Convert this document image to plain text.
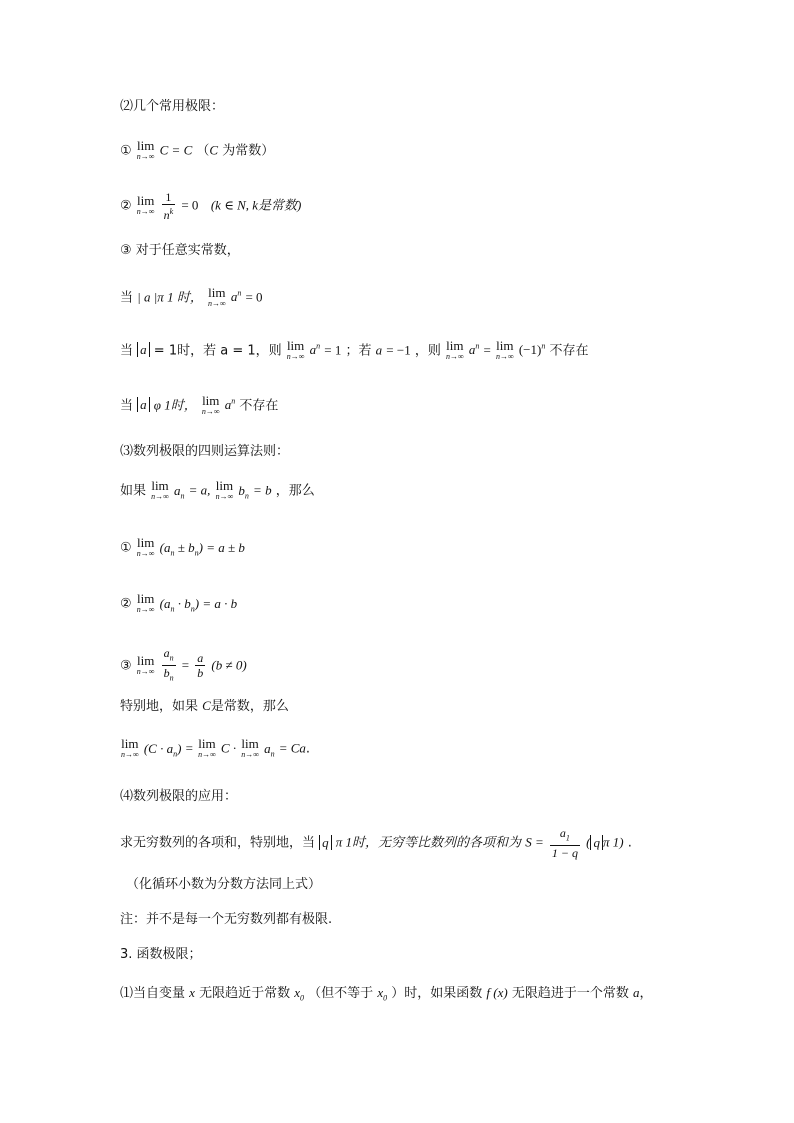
⑵几个常用极限：
① lim
n→∞ C = C （C 为常数）
② lim
n→∞
$\frac{1}{n^k} = 0$ (k ∈ N, k是常数)
③ 对于任意实常数，
当 | a |π 1 时， lim
n→∞ $a^n = 0$
当 a = 1时，若 a = 1，则 lim
n→∞ $a^n = 1$ ；若 a = −1 ，则 lim
n→∞ $a^n = \lim$
n→∞ $(-1)^n$ 不存在
当 a φ 1时， lim
n→∞ $a^n$ 不存在
⑶数列极限的四则运算法则：
如果 lim
n→∞ $a_n = a$, lim
n→∞ $b_n = b$ ，那么
① lim
n→∞ $(a_n \pm b_n) = a \pm b$
② lim
n→∞ $(a_n \cdot b_n) = a \cdot b$
③ lim
n→∞
$\frac{a_n}{b_n} = \frac{a}{b} (b \ne 0)$
特别地，如果 C是常数，那么
lim
n→∞ $(C \cdot a_n) = \lim$
n→∞ C · lim
n→∞ $a_n = Ca$.
⑷数列极限的应用：
求无穷数列的各项和，特别地，当 q π 1时，无穷等比数列的各项和为 $S = \frac{a_1}{1 - q}$ ( q π 1) .
（化循环小数为分数方法同上式）
注：并不是每一个无穷数列都有极限.
3. 函数极限；
⑴当自变量 x 无限趋近于常数 $x_0$ （但不等于 $x_0$ ）时，如果函数 f (x) 无限趋进于一个常数 a，
